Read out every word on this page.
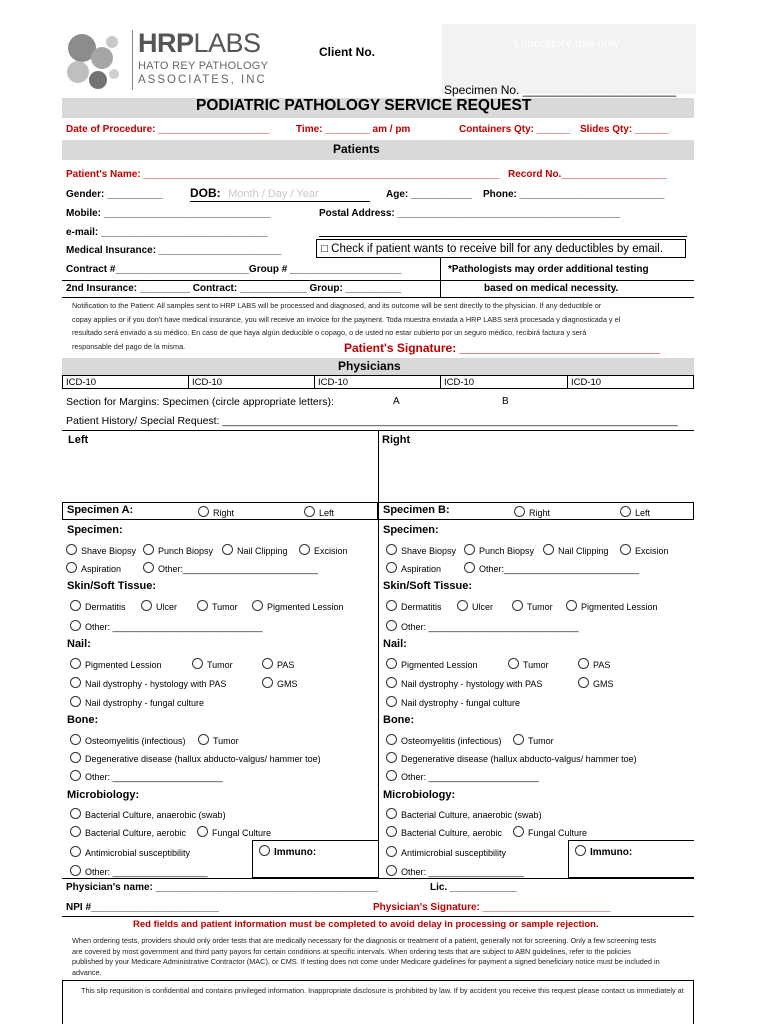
HRPLABS
HATO REY PATHOLOGY
ASSOCIATES, INC
Client No.
Laboratory use only
Specimen No. _______________________
PODIATRIC PATHOLOGY SERVICE REQUEST
Date of Procedure: ____________________	Time: ________ am / pm	Containers Qty: ______ Slides Qty: ______
Patients
Patient's Name: ________________________________________________________________ Record No.___________________
Gender: __________ DOB: Month / Day / Year	Age: ___________ Phone: __________________________
Mobile: ______________________________	Postal Address: ________________________________________
e-mail: ______________________________
Medical Insurance: ______________________	□ Check if patient wants to receive bill for any deductibles by email.
Contract #________________________Group # ____________________	*Pathologists may order additional testing
2nd Insurance: _________ Contract: ____________ Group: __________	based on medical necessity.
Notification to the Patient: All samples sent to HRP LABS will be processed and diagnosed, and its outcome will be sent directly to the physician. If any deductible or
copay applies or if you don't have medical insurance, you will receive an invoice for the payment. Toda muestra enviada a HRP LABS será procesada y diagnosticada y el
resultado será enviado a su médico. En caso de que haya algún deducible o copago, o de usted no estar cubierto por un seguro médico, recibirá factura y será
responsable del pago de la misma.	Patient's Signature: ______________________________
Physicians
ICD-10	ICD-10	ICD-10	ICD-10	ICD-10
Section for Margins: Specimen (circle appropriate letters):	A	B
Patient History/ Special Request: ______________________________________________________________________________
Left	Right
Specimen A:	Right	Left
Specimen:
Shave Biopsy	Punch Biopsy	Nail Clipping	Excision
Aspiration	Other:___________________________
Skin/Soft Tissue:
Dermatitis	Ulcer	Tumor	Pigmented Lession
Other: ______________________________
Nail:
Pigmented Lession	Tumor	PAS
Nail dystrophy - hystology with PAS	GMS
Nail dystrophy - fungal culture
Bone:
Osteomyelitis (infectious)	Tumor
Degenerative disease (hallux abducto-valgus/ hammer toe)
Other: ______________________
Microbiology:
Bacterial Culture, anaerobic (swab)
Bacterial Culture, aerobic	Fungal Culture
Antimicrobial susceptibility
Other: ___________________
Immuno:
Specimen B:	Right	Left
Specimen:
Shave Biopsy	Punch Biopsy	Nail Clipping	Excision
Aspiration	Other:___________________________
Skin/Soft Tissue:
Dermatitis	Ulcer	Tumor	Pigmented Lession
Other: ______________________________
Nail:
Pigmented Lession	Tumor	PAS
Nail dystrophy - hystology with PAS	GMS
Nail dystrophy - fungal culture
Bone:
Osteomyelitis (infectious)	Tumor
Degenerative disease (hallux abducto-valgus/ hammer toe)
Other: ______________________
Microbiology:
Bacterial Culture, anaerobic (swab)
Bacterial Culture, aerobic	Fungal Culture
Antimicrobial susceptibility
Other: ___________________
Immuno:
Physician's name: ________________________________________	Lic. ____________
NPI #_______________________	Physician's Signature: _______________________
Red fields and patient information must be completed to avoid delay in processing or sample rejection.
When ordering tests, providers should only order tests that are medically necessary for the diagnosis or treatment of a patient, generally not for screening. Only a few screening tests
are covered by most government and third party payors for certain conditions at specific intervals. When ordering tests that are subject to ABN guidelines, refer to the policies
published by your Medicare Administrative Contractor (MAC), or CMS. If testing does not come under Medicare guidelines for payment a signed beneficiary notice must be included in
advance.
This slip requisition is confidential and contains privileged information. Inappropriate disclosure is prohibited by law. If by accident you receive this request please contact us immediately at
